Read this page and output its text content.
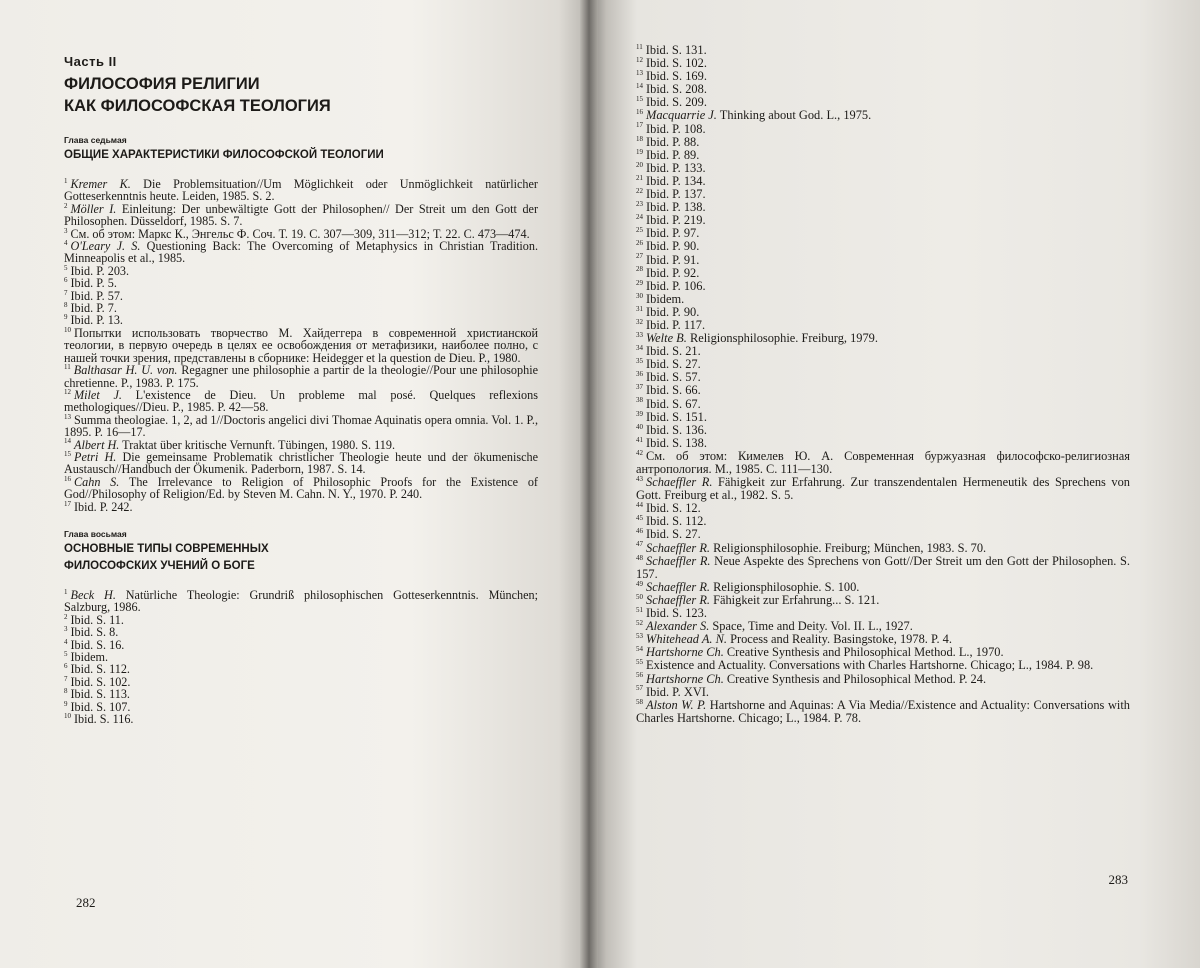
Часть II
ФИЛОСОФИЯ РЕЛИГИИ
КАК ФИЛОСОФСКАЯ ТЕОЛОГИЯ
Глава седьмая
ОБЩИЕ ХАРАКТЕРИСТИКИ ФИЛОСОФСКОЙ ТЕОЛОГИИ
$^1$ Kremer K. Die Problemsituation//Um Möglichkeit oder Unmöglichkeit natürlicher Gotteserkenntnis heute. Leiden, 1985. S. 2.
$^2$ Möller I. Einleitung: Der unbewältigte Gott der Philosophen// Der Streit um den Gott der Philosophen. Düsseldorf, 1985. S. 7.
$^3$ См. об этом: Маркс К., Энгельс Ф. Соч. Т. 19. С. 307—309, 311—312; Т. 22. С. 473—474.
$^4$ O'Leary J. S. Questioning Back: The Overcoming of Metaphysics in Christian Tradition. Minneapolis et al., 1985.
$^5$ Ibid. P. 203.
$^6$ Ibid. P. 5.
$^7$ Ibid. P. 57.
$^8$ Ibid. P. 7.
$^9$ Ibid. P. 13.
$^{10}$ Попытки использовать творчество М. Хайдеггера в современной христианской теологии, в первую очередь в целях ее освобождения от метафизики, наиболее полно, с нашей точки зрения, представлены в сборнике: Heidegger et la question de Dieu. P., 1980.
$^{11}$ Balthasar H. U. von. Regagner une philosophie a partir de la theologie//Pour une philosophie chretienne. P., 1983. P. 175.
$^{12}$ Milet J. L'existence de Dieu. Un probleme mal posé. Quelques reflexions methologiques//Dieu. P., 1985. P. 42—58.
$^{13}$ Summa theologiae. 1, 2, ad 1//Doctoris angelici divi Thomae Aquinatis opera omnia. Vol. 1. P., 1895. P. 16—17.
$^{14}$ Albert H. Traktat über kritische Vernunft. Tübingen, 1980. S. 119.
$^{15}$ Petri H. Die gemeinsame Problematik christlicher Theologie heute und der ökumenische Austausch//Handbuch der Ökumenik. Paderborn, 1987. S. 14.
$^{16}$ Cahn S. The Irrelevance to Religion of Philosophic Proofs for the Existence of God//Philosophy of Religion/Ed. by Steven M. Cahn. N. Y., 1970. P. 240.
$^{17}$ Ibid. P. 242.
Глава восьмая
ОСНОВНЫЕ ТИПЫ СОВРЕМЕННЫХ
ФИЛОСОФСКИХ УЧЕНИЙ О БОГЕ
$^1$ Beck H. Natürliche Theologie: Grundriß philosophischen Gotteserkenntnis. München; Salzburg, 1986.
$^2$ Ibid. S. 11.
$^3$ Ibid. S. 8.
$^4$ Ibid. S. 16.
$^5$ Ibidem.
$^6$ Ibid. S. 112.
$^7$ Ibid. S. 102.
$^8$ Ibid. S. 113.
$^9$ Ibid. S. 107.
$^{10}$ Ibid. S. 116.
282
$^{11}$ Ibid. S. 131.
$^{12}$ Ibid. S. 102.
$^{13}$ Ibid. S. 169.
$^{14}$ Ibid. S. 208.
$^{15}$ Ibid. S. 209.
$^{16}$ Macquarrie J. Thinking about God. L., 1975.
$^{17}$ Ibid. P. 108.
$^{18}$ Ibid. P. 88.
$^{19}$ Ibid. P. 89.
$^{20}$ Ibid. P. 133.
$^{21}$ Ibid. P. 134.
$^{22}$ Ibid. P. 137.
$^{23}$ Ibid. P. 138.
$^{24}$ Ibid. P. 219.
$^{25}$ Ibid. P. 97.
$^{26}$ Ibid. P. 90.
$^{27}$ Ibid. P. 91.
$^{28}$ Ibid. P. 92.
$^{29}$ Ibid. P. 106.
$^{30}$ Ibidem.
$^{31}$ Ibid. P. 90.
$^{32}$ Ibid. P. 117.
$^{33}$ Welte B. Religionsphilosophie. Freiburg, 1979.
$^{34}$ Ibid. S. 21.
$^{35}$ Ibid. S. 27.
$^{36}$ Ibid. S. 57.
$^{37}$ Ibid. S. 66.
$^{38}$ Ibid. S. 67.
$^{39}$ Ibid. S. 151.
$^{40}$ Ibid. S. 136.
$^{41}$ Ibid. S. 138.
$^{42}$ См. об этом: Кимелев Ю. А. Современная буржуазная философско-религиозная антропология. М., 1985. С. 111—130.
$^{43}$ Schaeffler R. Fähigkeit zur Erfahrung. Zur transzendentalen Hermeneutik des Sprechens von Gott. Freiburg et al., 1982. S. 5.
$^{44}$ Ibid. S. 12.
$^{45}$ Ibid. S. 112.
$^{46}$ Ibid. S. 27.
$^{47}$ Schaeffler R. Religionsphilosophie. Freiburg; München, 1983. S. 70.
$^{48}$ Schaeffler R. Neue Aspekte des Sprechens von Gott//Der Streit um den Gott der Philosophen. S. 157.
$^{49}$ Schaeffler R. Religionsphilosophie. S. 100.
$^{50}$ Schaeffler R. Fähigkeit zur Erfahrung... S. 121.
$^{51}$ Ibid. S. 123.
$^{52}$ Alexander S. Space, Time and Deity. Vol. II. L., 1927.
$^{53}$ Whitehead A. N. Process and Reality. Basingstoke, 1978. P. 4.
$^{54}$ Hartshorne Ch. Creative Synthesis and Philosophical Method. L., 1970.
$^{55}$ Existence and Actuality. Conversations with Charles Hartshorne. Chicago; L., 1984. P. 98.
$^{56}$ Hartshorne Ch. Creative Synthesis and Philosophical Method. P. 24.
$^{57}$ Ibid. P. XVI.
$^{58}$ Alston W. P. Hartshorne and Aquinas: A Via Media//Existence and Actuality: Conversations with Charles Hartshorne. Chicago; L., 1984. P. 78.
283
